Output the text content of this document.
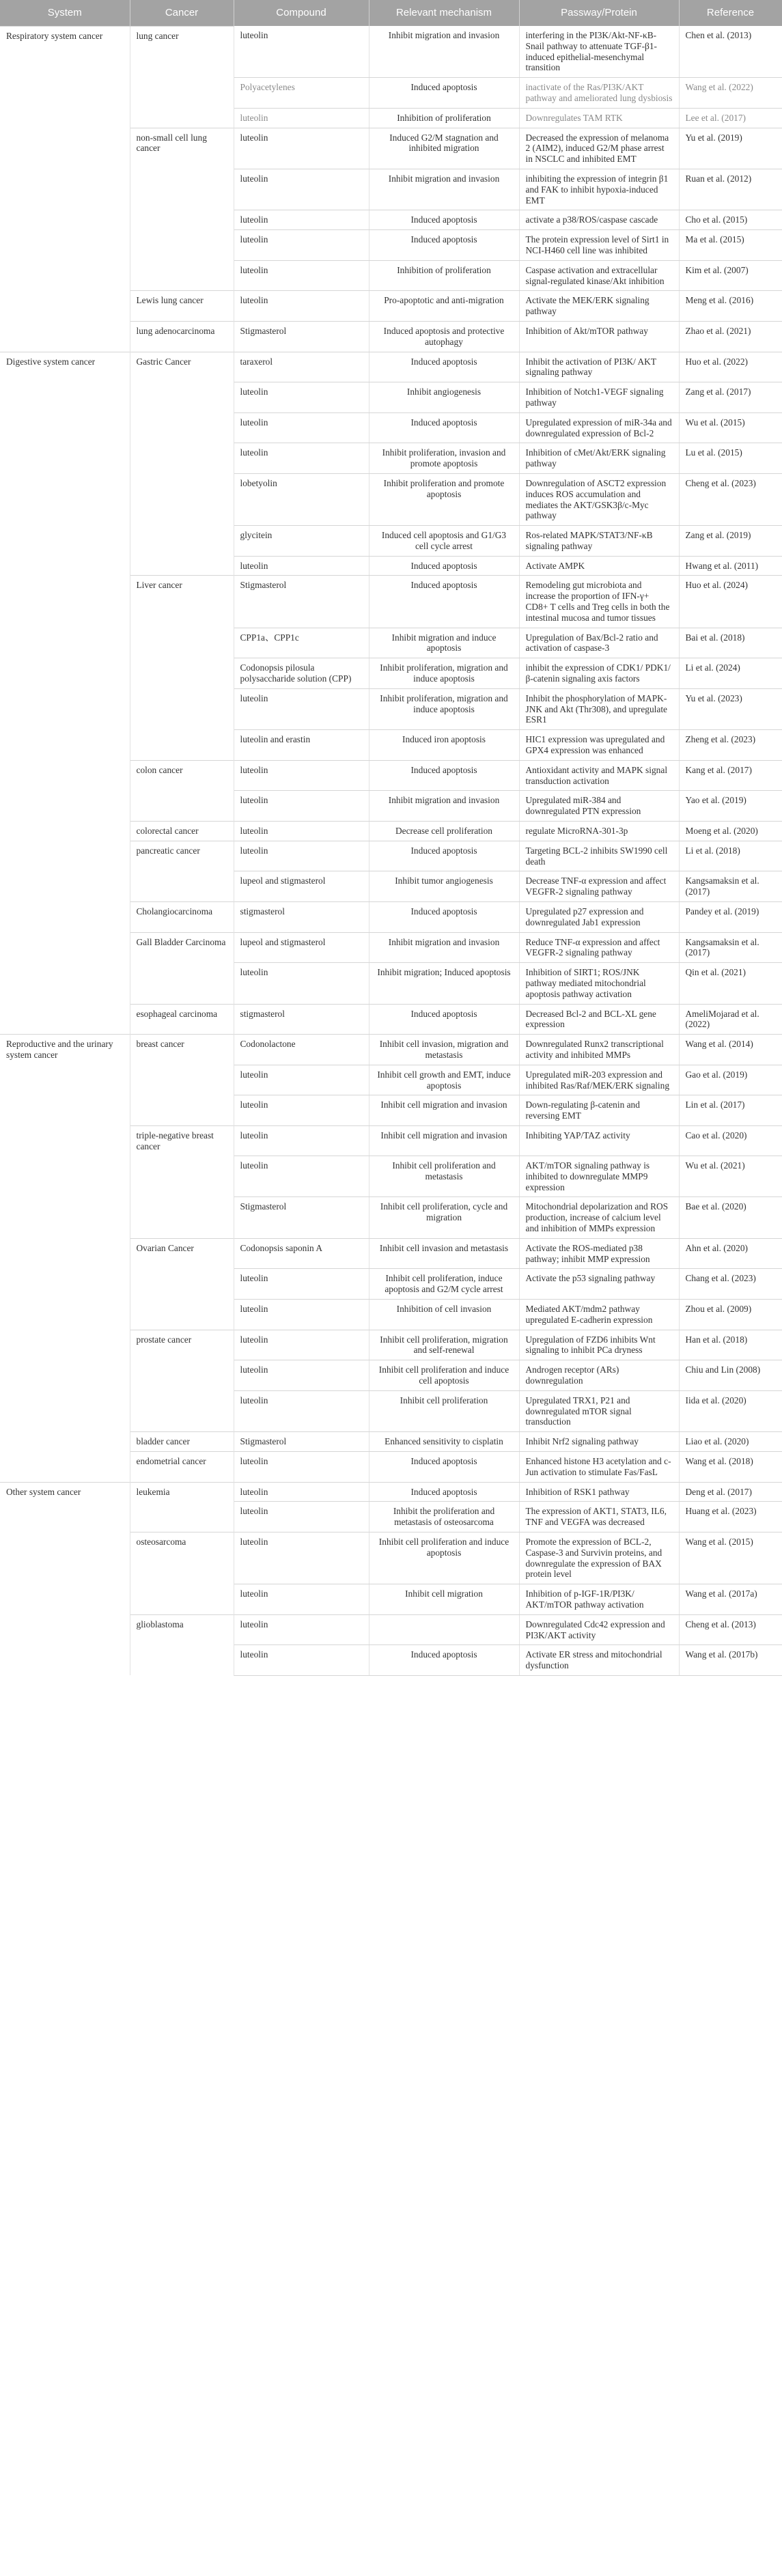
System	Cancer	Compound	Relevant mechanism	Passway/Protein	Reference
Respiratory system cancer	lung cancer	luteolin	Inhibit migration and invasion	interfering in the PI3K/Akt-NF-κB-Snail pathway to attenuate TGF-β1-induced epithelial-mesenchymal transition	Chen et al. (2013)
		Polyacetylenes	Induced apoptosis	inactivate of the Ras/PI3K/AKT pathway and ameliorated lung dysbiosis	Wang et al. (2022)
		luteolin	Inhibition of proliferation	Downregulates TAM RTK	Lee et al. (2017)
	non-small cell lung cancer	luteolin	Induced G2/M stagnation and inhibited migration	Decreased the expression of melanoma 2 (AIM2), induced G2/M phase arrest in NSCLC and inhibited EMT	Yu et al. (2019)
		luteolin	Inhibit migration and invasion	inhibiting the expression of integrin β1 and FAK to inhibit hypoxia-induced EMT	Ruan et al. (2012)
		luteolin	Induced apoptosis	activate a p38/ROS/caspase cascade	Cho et al. (2015)
		luteolin	Induced apoptosis	The protein expression level of Sirt1 in NCI-H460 cell line was inhibited	Ma et al. (2015)
		luteolin	Inhibition of proliferation	Caspase activation and extracellular signal-regulated kinase/Akt inhibition	Kim et al. (2007)
	Lewis lung cancer	luteolin	Pro-apoptotic and anti-migration	Activate the MEK/ERK signaling pathway	Meng et al. (2016)
	lung adenocarcinoma	Stigmasterol	Induced apoptosis and protective autophagy	Inhibition of Akt/mTOR pathway	Zhao et al. (2021)
Digestive system cancer	Gastric Cancer	taraxerol	Induced apoptosis	Inhibit the activation of PI3K/ AKT signaling pathway	Huo et al. (2022)
		luteolin	Inhibit angiogenesis	Inhibition of Notch1-VEGF signaling pathway	Zang et al. (2017)
		luteolin	Induced apoptosis	Upregulated expression of miR-34a and downregulated expression of Bcl-2	Wu et al. (2015)
		luteolin	Inhibit proliferation, invasion and promote apoptosis	Inhibition of cMet/Akt/ERK signaling pathway	Lu et al. (2015)
		lobetyolin	Inhibit proliferation and promote apoptosis	Downregulation of ASCT2 expression induces ROS accumulation and mediates the AKT/GSK3β/c-Myc pathway	Cheng et al. (2023)
		glycitein	Induced cell apoptosis and G1/G3 cell cycle arrest	Ros-related MAPK/STAT3/NF-κB signaling pathway	Zang et al. (2019)
		luteolin	Induced apoptosis	Activate AMPK	Hwang et al. (2011)
	Liver cancer	Stigmasterol	Induced apoptosis	Remodeling gut microbiota and increase the proportion of IFN-γ+ CD8+ T cells and Treg cells in both the intestinal mucosa and tumor tissues	Huo et al. (2024)
		CPP1a、CPP1c	Inhibit migration and induce apoptosis	Upregulation of Bax/Bcl-2 ratio and activation of caspase-3	Bai et al. (2018)
		Codonopsis pilosula polysaccharide solution (CPP)	Inhibit proliferation, migration and induce apoptosis	inhibit the expression of CDK1/ PDK1/β-catenin signaling axis factors	Li et al. (2024)
		luteolin	Inhibit proliferation, migration and induce apoptosis	Inhibit the phosphorylation of MAPK-JNK and Akt (Thr308), and upregulate ESR1	Yu et al. (2023)
		luteolin and erastin	Induced iron apoptosis	HIC1 expression was upregulated and GPX4 expression was enhanced	Zheng et al. (2023)
	colon cancer	luteolin	Induced apoptosis	Antioxidant activity and MAPK signal transduction activation	Kang et al. (2017)
		luteolin	Inhibit migration and invasion	Upregulated miR-384 and downregulated PTN expression	Yao et al. (2019)
	colorectal cancer	luteolin	Decrease cell proliferation	regulate MicroRNA-301-3p	Moeng et al. (2020)
	pancreatic cancer	luteolin	Induced apoptosis	Targeting BCL-2 inhibits SW1990 cell death	Li et al. (2018)
		lupeol and stigmasterol	Inhibit tumor angiogenesis	Decrease TNF-α expression and affect VEGFR-2 signaling pathway	Kangsamaksin et al. (2017)
	Cholangiocarcinoma	stigmasterol	Induced apoptosis	Upregulated p27 expression and downregulated Jab1 expression	Pandey et al. (2019)
	Gall Bladder Carcinoma	lupeol and stigmasterol	Inhibit migration and invasion	Reduce TNF-α expression and affect VEGFR-2 signaling pathway	Kangsamaksin et al. (2017)
		luteolin	Inhibit migration; Induced apoptosis	Inhibition of SIRT1; ROS/JNK pathway mediated mitochondrial apoptosis pathway activation	Qin et al. (2021)
	esophageal carcinoma	stigmasterol	Induced apoptosis	Decreased Bcl-2 and BCL-XL gene expression	AmeliMojarad et al. (2022)
Reproductive and the urinary system cancer	breast cancer	Codonolactone	Inhibit cell invasion, migration and metastasis	Downregulated Runx2 transcriptional activity and inhibited MMPs	Wang et al. (2014)
		luteolin	Inhibit cell growth and EMT, induce apoptosis	Upregulated miR-203 expression and inhibited Ras/Raf/MEK/ERK signaling	Gao et al. (2019)
		luteolin	Inhibit cell migration and invasion	Down-regulating β-catenin and reversing EMT	Lin et al. (2017)
	triple-negative breast cancer	luteolin	Inhibit cell migration and invasion	Inhibiting YAP/TAZ activity	Cao et al. (2020)
		luteolin	Inhibit cell proliferation and metastasis	AKT/mTOR signaling pathway is inhibited to downregulate MMP9 expression	Wu et al. (2021)
		Stigmasterol	Inhibit cell proliferation, cycle and migration	Mitochondrial depolarization and ROS production, increase of calcium level and inhibition of MMPs expression	Bae et al. (2020)
	Ovarian Cancer	Codonopsis saponin A	Inhibit cell invasion and metastasis	Activate the ROS-mediated p38 pathway; inhibit MMP expression	Ahn et al. (2020)
		luteolin	Inhibit cell proliferation, induce apoptosis and G2/M cycle arrest	Activate the p53 signaling pathway	Chang et al. (2023)
		luteolin	Inhibition of cell invasion	Mediated AKT/mdm2 pathway upregulated E-cadherin expression	Zhou et al. (2009)
	prostate cancer	luteolin	Inhibit cell proliferation, migration and self-renewal	Upregulation of FZD6 inhibits Wnt signaling to inhibit PCa dryness	Han et al. (2018)
		luteolin	Inhibit cell proliferation and induce cell apoptosis	Androgen receptor (ARs) downregulation	Chiu and Lin (2008)
		luteolin	Inhibit cell proliferation	Upregulated TRX1, P21 and downregulated mTOR signal transduction	Iida et al. (2020)
	bladder cancer	Stigmasterol	Enhanced sensitivity to cisplatin	Inhibit Nrf2 signaling pathway	Liao et al. (2020)
	endometrial cancer	luteolin	Induced apoptosis	Enhanced histone H3 acetylation and c-Jun activation to stimulate Fas/FasL	Wang et al. (2018)
Other system cancer	leukemia	luteolin	Induced apoptosis	Inhibition of RSK1 pathway	Deng et al. (2017)
		luteolin	Inhibit the proliferation and metastasis of osteosarcoma	The expression of AKT1, STAT3, IL6, TNF and VEGFA was decreased	Huang et al. (2023)
	osteosarcoma	luteolin	Inhibit cell proliferation and induce apoptosis	Promote the expression of BCL-2, Caspase-3 and Survivin proteins, and downregulate the expression of BAX protein level	Wang et al. (2015)
		luteolin	Inhibit cell migration	Inhibition of p-IGF-1R/PI3K/ AKT/mTOR pathway activation	Wang et al. (2017a)
	glioblastoma	luteolin		Downregulated Cdc42 expression and PI3K/AKT activity	Cheng et al. (2013)
		luteolin	Induced apoptosis	Activate ER stress and mitochondrial dysfunction	Wang et al. (2017b)
